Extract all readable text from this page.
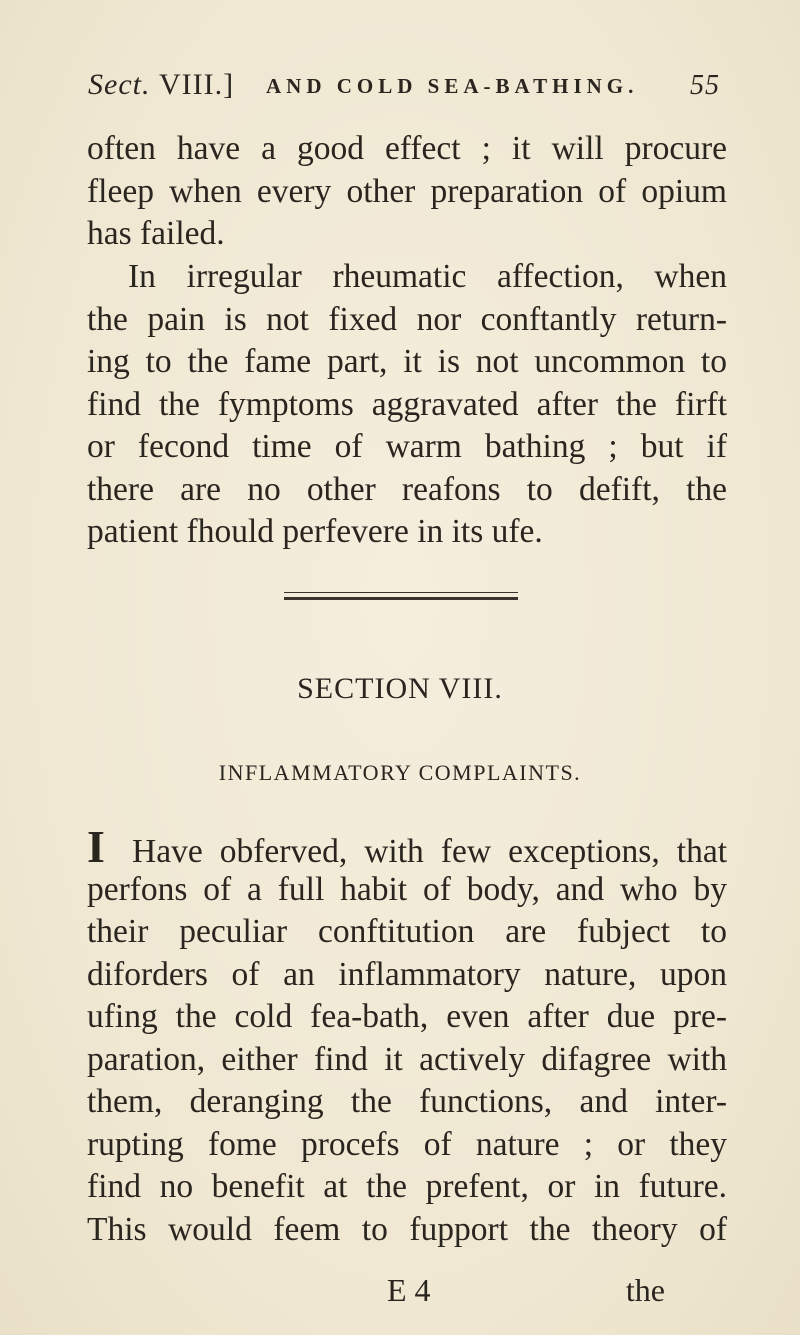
Sect. VIII.] AND COLD SEA-BATHING. 55
often have a good effect ; it will procure
fleep when every other preparation of opium
has failed.
In irregular rheumatic affection, when
the pain is not fixed nor conftantly return-
ing to the fame part, it is not uncommon to
find the fymptoms aggravated after the firft
or fecond time of warm bathing ; but if
there are no other reafons to defift, the
patient fhould perfevere in its ufe.
SECTION VIII.
INFLAMMATORY COMPLAINTS.
I Have obferved, with few exceptions, that
perfons of a full habit of body, and who by
their peculiar conftitution are fubject to
diforders of an inflammatory nature, upon
ufing the cold fea-bath, even after due pre-
paration, either find it actively difagree with
them, deranging the functions, and inter-
rupting fome procefs of nature ; or they
find no benefit at the prefent, or in future.
This would feem to fupport the theory of
E 4	the
